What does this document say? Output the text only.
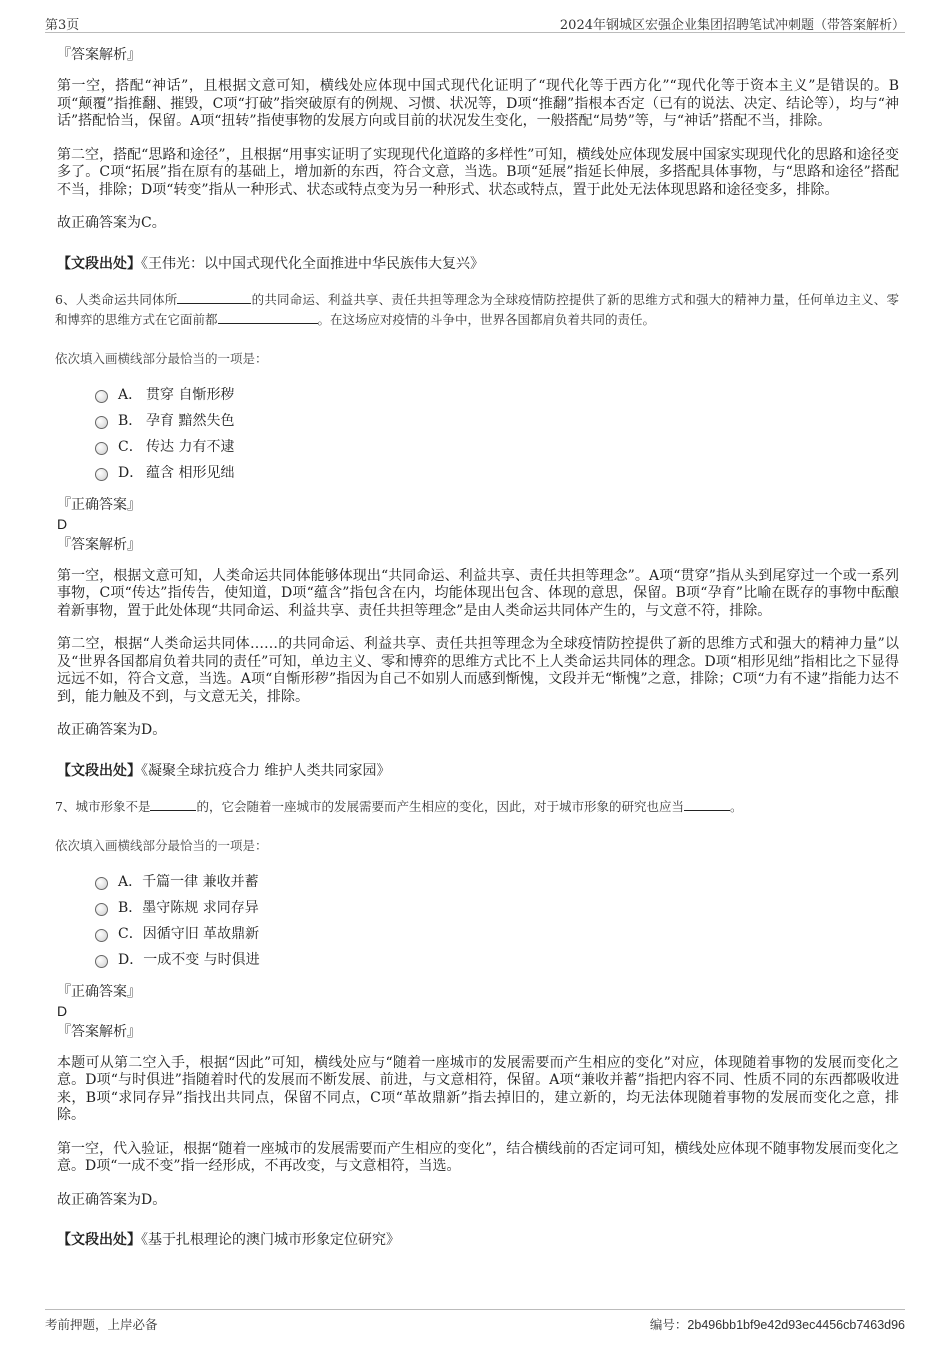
第3页	2024年钢城区宏强企业集团招聘笔试冲刺题（带答案解析）
『答案解析』
第一空，搭配“神话”，且根据文意可知，横线处应体现中国式现代化证明了“现代化等于西方化”“现代化等于资本主义”是错误的。B项“颠覆”指推翻、摧毁，C项“打破”指突破原有的例规、习惯、状况等，D项“推翻”指根本否定（已有的说法、决定、结论等），均与“神话”搭配恰当，保留。A项“扭转”指使事物的发展方向或目前的状况发生变化，一般搭配“局势”等，与“神话”搭配不当，排除。
第二空，搭配“思路和途径”，且根据“用事实证明了实现现代化道路的多样性”可知，横线处应体现发展中国家实现现代化的思路和途径变多了。C项“拓展”指在原有的基础上，增加新的东西，符合文意，当选。B项“延展”指延长伸展，多搭配具体事物，与“思路和途径”搭配不当，排除；D项“转变”指从一种形式、状态或特点变为另一种形式、状态或特点，置于此处无法体现思路和途径变多，排除。
故正确答案为C。
【文段出处】《王伟光：以中国式现代化全面推进中华民族伟大复兴》
6、人类命运共同体所	的共同命运、利益共享、责任共担等理念为全球疫情防控提供了新的思维方式和强大的精神力量，任何单边主义、零和博弈的思维方式在它面前都	。在这场应对疫情的斗争中，世界各国都肩负着共同的责任。
依次填入画横线部分最恰当的一项是：
A． 贯穿 自惭形秽
B． 孕育 黯然失色
C． 传达 力有不逮
D． 蕴含 相形见绌
『正确答案』
D
『答案解析』
第一空，根据文意可知，人类命运共同体能够体现出“共同命运、利益共享、责任共担等理念”。A项“贯穿”指从头到尾穿过一个或一系列事物，C项“传达”指传告，使知道，D项“蕴含”指包含在内，均能体现出包含、体现的意思，保留。B项“孕育”比喻在既存的事物中酝酿着新事物，置于此处体现“共同命运、利益共享、责任共担等理念”是由人类命运共同体产生的，与文意不符，排除。
第二空，根据“人类命运共同体……的共同命运、利益共享、责任共担等理念为全球疫情防控提供了新的思维方式和强大的精神力量”以及“世界各国都肩负着共同的责任”可知，单边主义、零和博弈的思维方式比不上人类命运共同体的理念。D项“相形见绌”指相比之下显得远远不如，符合文意，当选。A项“自惭形秽”指因为自己不如别人而感到惭愧，文段并无“惭愧”之意，排除；C项“力有不逮”指能力达不到，能力触及不到，与文意无关，排除。
故正确答案为D。
【文段出处】《凝聚全球抗疫合力 维护人类共同家园》
7、城市形象不是	的，它会随着一座城市的发展需要而产生相应的变化，因此，对于城市形象的研究也应当	。
依次填入画横线部分最恰当的一项是：
A． 千篇一律 兼收并蓄
B． 墨守陈规 求同存异
C． 因循守旧 革故鼎新
D． 一成不变 与时俱进
『正确答案』
D
『答案解析』
本题可从第二空入手，根据“因此”可知，横线处应与“随着一座城市的发展需要而产生相应的变化”对应，体现随着事物的发展而变化之意。D项“与时俱进”指随着时代的发展而不断发展、前进，与文意相符，保留。A项“兼收并蓄”指把内容不同、性质不同的东西都吸收进来，B项“求同存异”指找出共同点，保留不同点，C项“革故鼎新”指去掉旧的，建立新的，均无法体现随着事物的发展而变化之意，排除。
第一空，代入验证，根据“随着一座城市的发展需要而产生相应的变化”，结合横线前的否定词可知，横线处应体现不随事物发展而变化之意。D项“一成不变”指一经形成，不再改变，与文意相符，当选。
故正确答案为D。
【文段出处】《基于扎根理论的澳门城市形象定位研究》
考前押题，上岸必备	编号：2b496bb1bf9e42d93ec4456cb7463d96
